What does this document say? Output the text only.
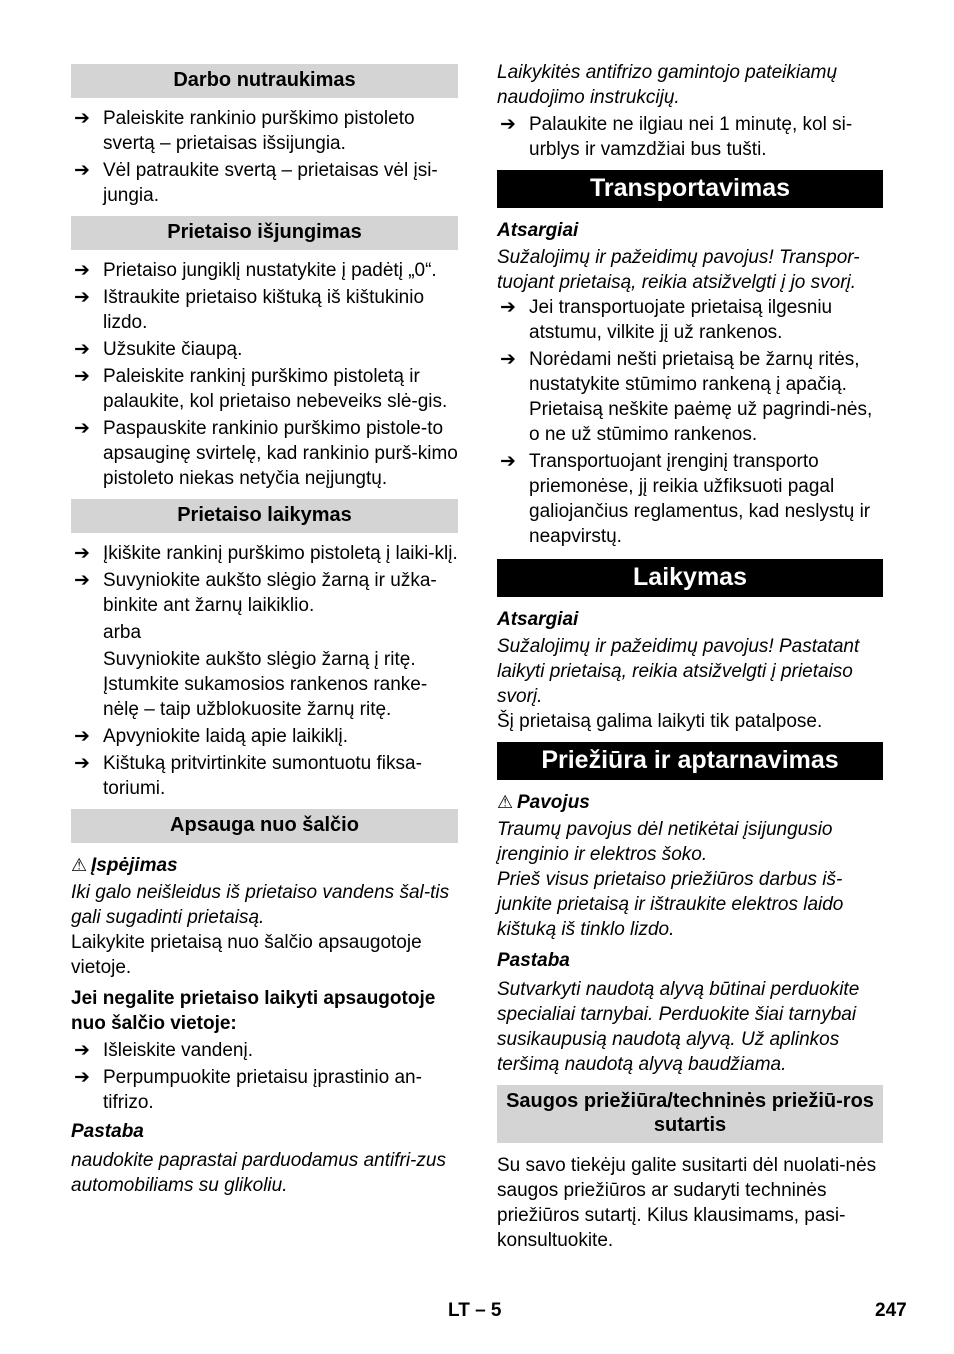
Darbo nutraukimas
➔ Paleiskite rankinio purškimo pistoleto svertą – prietaisas išsijungia.
➔ Vėl patraukite svertą – prietaisas vėl įsi-jungia.
Prietaiso išjungimas
➔ Prietaiso jungiklį nustatykite į padėtį „0“.
➔ Ištraukite prietaiso kištuką iš kištukinio lizdo.
➔ Užsukite čiaupą.
➔ Paleiskite rankinį purškimo pistoletą ir palaukite, kol prietaiso nebeveiks slė-gis.
➔ Paspauskite rankinio purškimo pistole-to apsauginę svirtelę, kad rankinio purš-kimo pistoleto niekas netyčia neįjungtų.
Prietaiso laikymas
➔ Įkiškite rankinį purškimo pistoletą į laiki-klį.
➔ Suvyniokite aukšto slėgio žarną ir užka-binkite ant žarnų laikiklio.
arba
Suvyniokite aukšto slėgio žarną į ritę. Įstumkite sukamosios rankenos ranke-nėlę – taip užblokuosite žarnų ritę.
➔ Apvyniokite laidą apie laikiklį.
➔ Kištuką pritvirtinkite sumontuotu fiksa-toriumi.
Apsauga nuo šalčio
⚠ Įspėjimas
Iki galo neišleidus iš prietaiso vandens šal-tis gali sugadinti prietaisą.
Laikykite prietaisą nuo šalčio apsaugotoje vietoje.
Jei negalite prietaiso laikyti apsaugotoje nuo šalčio vietoje:
➔ Išleiskite vandenį.
➔ Perpumpuokite prietaisu įprastinio an-tifrizo.
Pastaba
naudokite paprastai parduodamus antifri-zus automobiliams su glikoliu.
Laikykitės antifrizo gamintojo pateikiamų naudojimo instrukcijų.
➔ Palaukite ne ilgiau nei 1 minutę, kol si-urblys ir vamzdžiai bus tušti.
Transportavimas
Atsargiai
Sužalojimų ir pažeidimų pavojus! Transpor-tuojant prietaisą, reikia atsižvelgti į jo svorį.
➔ Jei transportuojate prietaisą ilgesniu atstumu, vilkite jį už rankenos.
➔ Norėdami nešti prietaisą be žarnų ritės, nustatykite stūmimo rankeną į apačią. Prietaisą neškite paėmę už pagrindi-nės, o ne už stūmimo rankenos.
➔ Transportuojant įrenginį transporto priemonėse, jį reikia užfiksuoti pagal galiojančius reglamentus, kad neslystų ir neapvirstų.
Laikymas
Atsargiai
Sužalojimų ir pažeidimų pavojus! Pastatant laikyti prietaisą, reikia atsižvelgti į prietaiso svorį.
Šį prietaisą galima laikyti tik patalpose.
Priežiūra ir aptarnavimas
⚠ Pavojus
Traumų pavojus dėl netikėtai įsijungusio įrenginio ir elektros šoko.
Prieš visus prietaiso priežiūros darbus iš-junkite prietaisą ir ištraukite elektros laido kištuką iš tinklo lizdo.
Pastaba
Sutvarkyti naudotą alyvą būtinai perduokite specialiai tarnybai. Perduokite šiai tarnybai susikaupusią naudotą alyvą. Už aplinkos teršimą naudotą alyvą baudžiama.
Saugos priežiūra/techninės priežiū-ros sutartis
Su savo tiekėju galite susitarti dėl nuolati-nės saugos priežiūros ar sudaryti techninės priežiūros sutartį. Kilus klausimams, pasi-konsultuokite.
LT – 5	247
